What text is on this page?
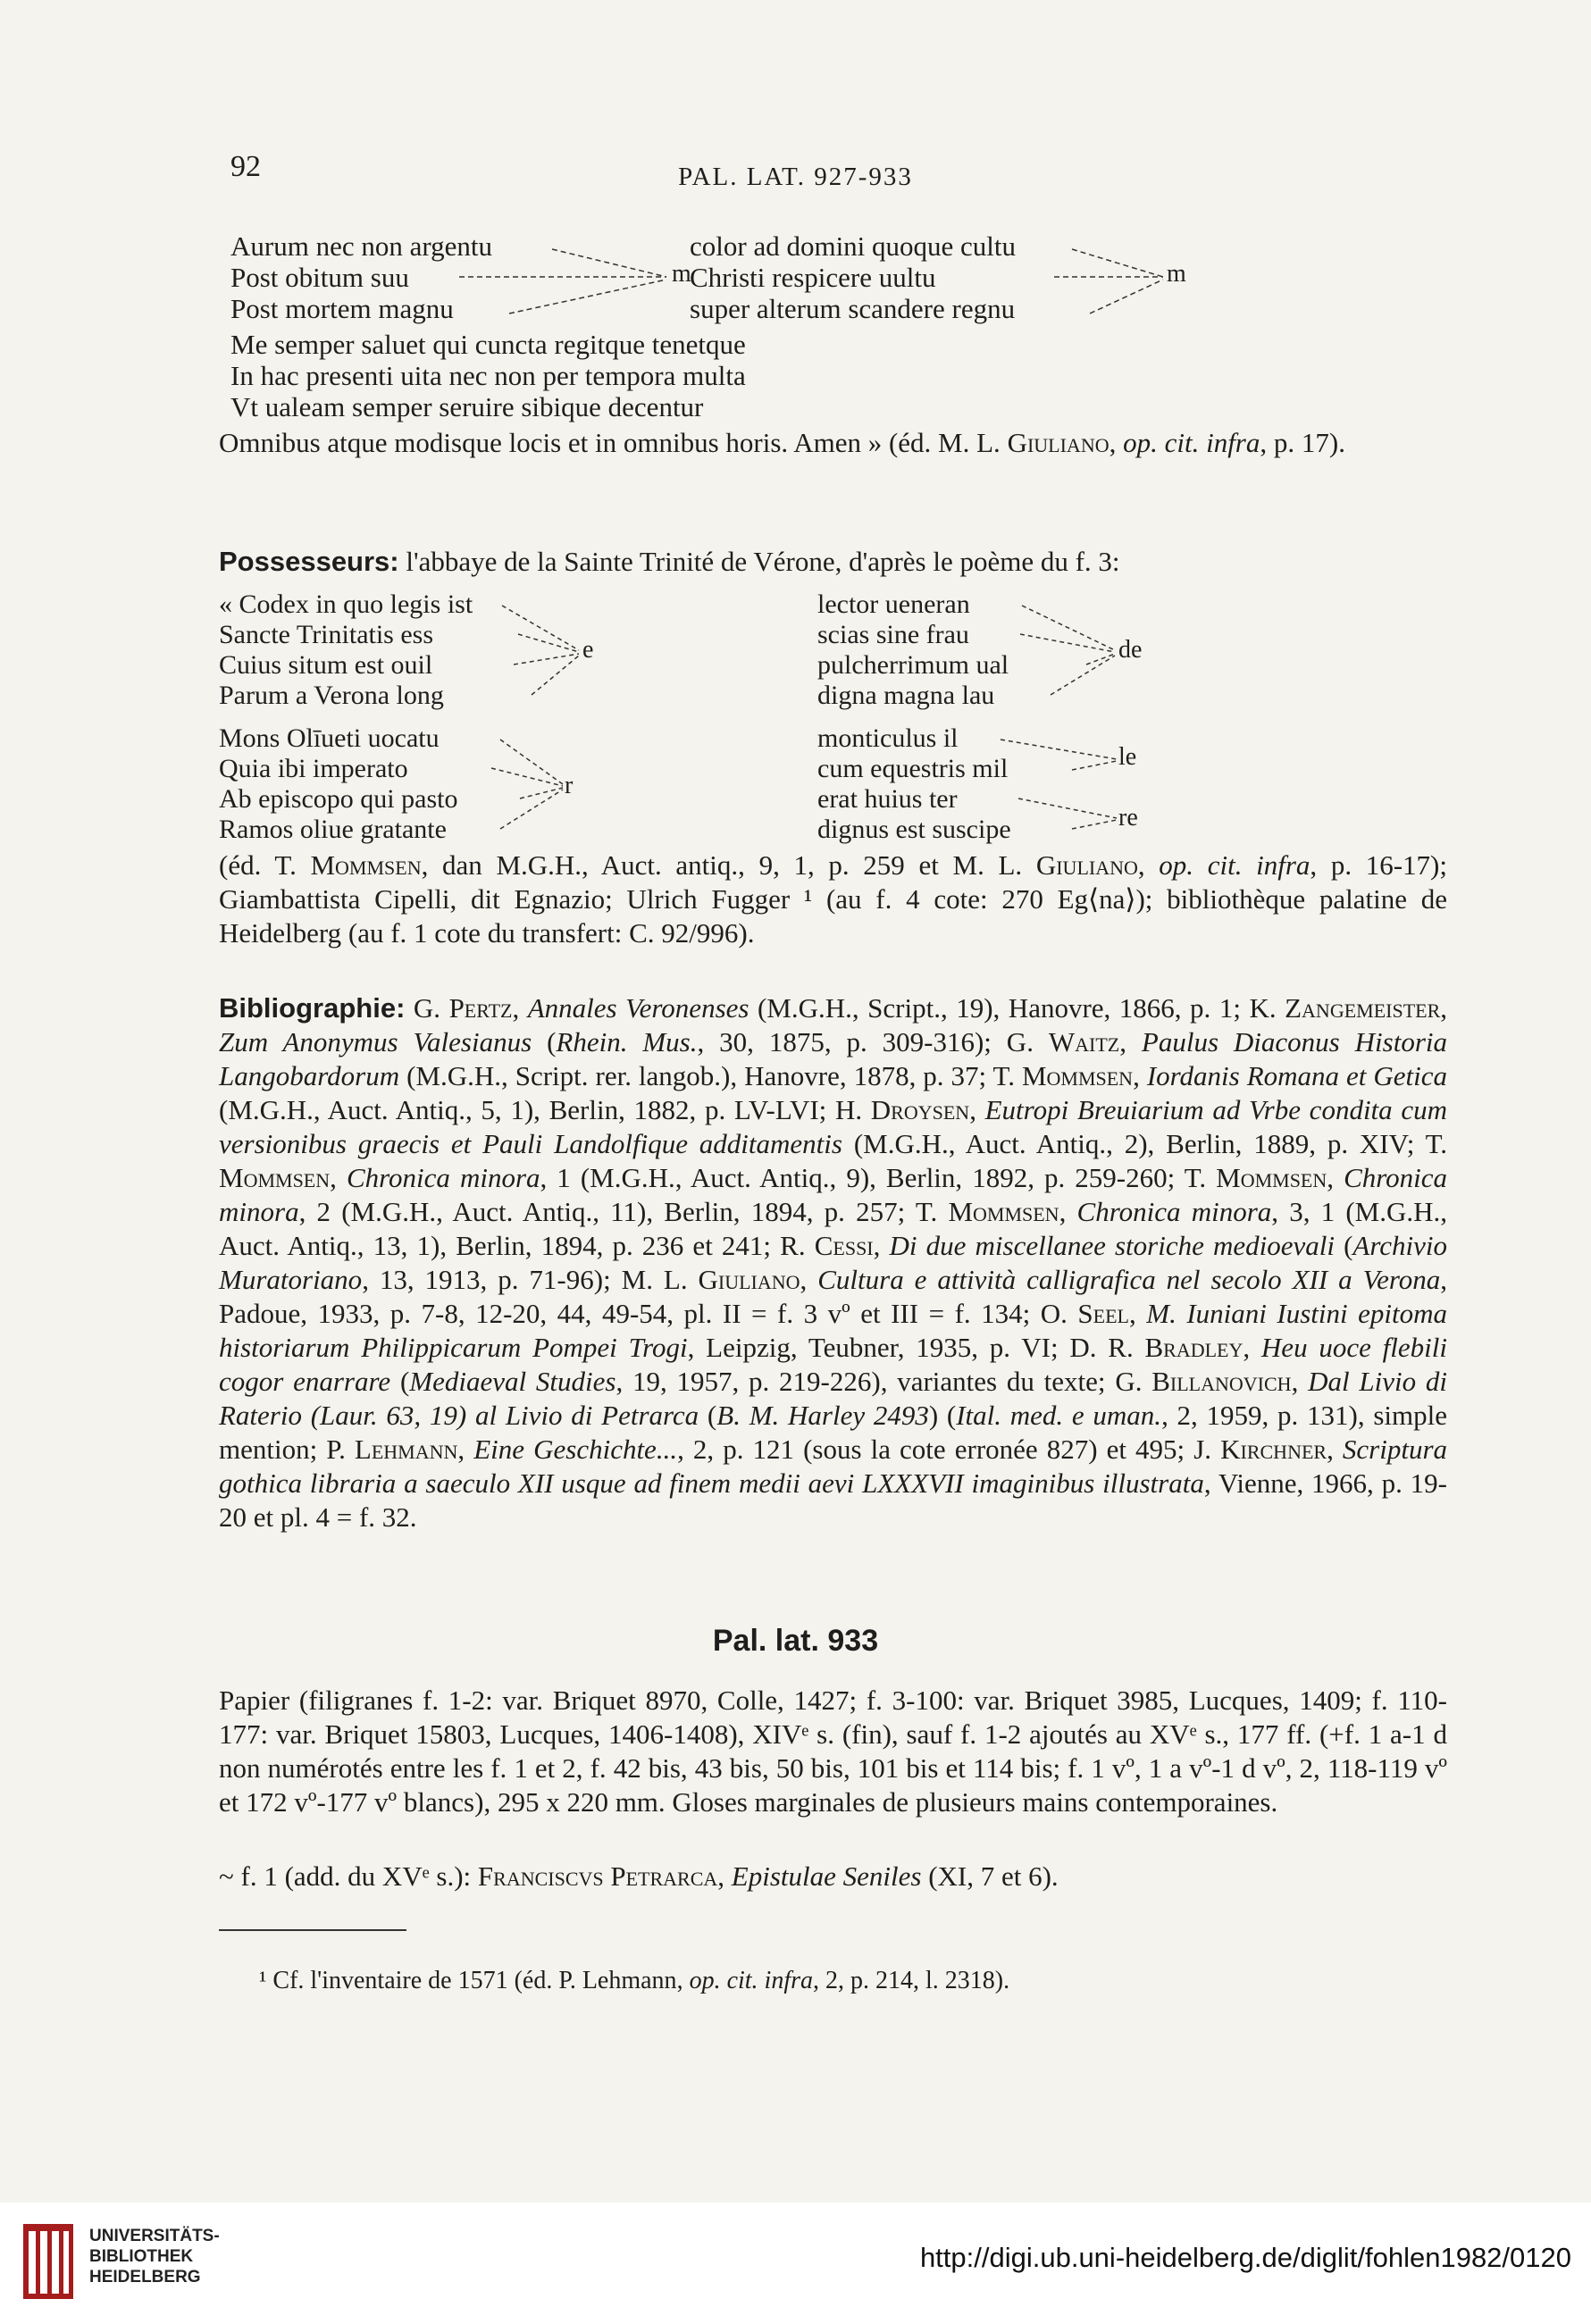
92	PAL. LAT. 927-933
Aurum nec non argentu
Post obitum suu
Post mortem magnu
m
color ad domini quoque cultu
Christi respicere uultu
super alterum scandere regnu
m
Me semper saluet qui cuncta regitque tenetque
In hac presenti uita nec non per tempora multa
Vt ualeam semper seruire sibique decentur
Omnibus atque modisque locis et in omnibus horis. Amen » (éd. M. L. Giuliano, op. cit. infra, p. 17).
Possesseurs: l'abbaye de la Sainte Trinité de Vérone, d'après le poème du f. 3:
« Codex in quo legis ist
Sancte Trinitatis ess
Cuius situm est ouil
Parum a Verona long
e
lector ueneran
scias sine frau
pulcherrimum ual
digna magna lau
de
Mons Olīueti uocatu
Quia ibi imperato
Ab episcopo qui pasto
Ramos oliue gratante
r
monticulus il
cum equestris mil
erat huius ter
dignus est suscipe
le
re
(éd. T. Mommsen, dan M.G.H., Auct. antiq., 9, 1, p. 259 et M. L. Giuliano, op. cit. infra, p. 16-17); Giambattista Cipelli, dit Egnazio; Ulrich Fugger ¹ (au f. 4 cote: 270 Eg⟨na⟩); bibliothèque palatine de Heidelberg (au f. 1 cote du transfert: C. 92/996).
Bibliographie: G. Pertz, Annales Veronenses (M.G.H., Script., 19), Hanovre, 1866, p. 1; K. Zangemeister, Zum Anonymus Valesianus (Rhein. Mus., 30, 1875, p. 309-316); G. Waitz, Paulus Diaconus Historia Langobardorum (M.G.H., Script. rer. langob.), Hanovre, 1878, p. 37; T. Mommsen, Iordanis Romana et Getica (M.G.H., Auct. Antiq., 5, 1), Berlin, 1882, p. LV-LVI; H. Droysen, Eutropi Breuiarium ad Vrbe condita cum versionibus graecis et Pauli Landolfique additamentis (M.G.H., Auct. Antiq., 2), Berlin, 1889, p. XIV; T. Mommsen, Chronica minora, 1 (M.G.H., Auct. Antiq., 9), Berlin, 1892, p. 259-260; T. Mommsen, Chronica minora, 2 (M.G.H., Auct. Antiq., 11), Berlin, 1894, p. 257; T. Mommsen, Chronica minora, 3, 1 (M.G.H., Auct. Antiq., 13, 1), Berlin, 1894, p. 236 et 241; R. Cessi, Di due miscellanee storiche medioevali (Archivio Muratoriano, 13, 1913, p. 71-96); M. L. Giuliano, Cultura e attività calligrafica nel secolo XII a Verona, Padoue, 1933, p. 7-8, 12-20, 44, 49-54, pl. II = f. 3 vº et III = f. 134; O. Seel, M. Iuniani Iustini epitoma historiarum Philippicarum Pompei Trogi, Leipzig, Teubner, 1935, p. VI; D. R. Bradley, Heu uoce flebili cogor enarrare (Mediaeval Studies, 19, 1957, p. 219-226), variantes du texte; G. Billanovich, Dal Livio di Raterio (Laur. 63, 19) al Livio di Petrarca (B. M. Harley 2493) (Ital. med. e uman., 2, 1959, p. 131), simple mention; P. Lehmann, Eine Geschichte..., 2, p. 121 (sous la cote erronée 827) et 495; J. Kirchner, Scriptura gothica libraria a saeculo XII usque ad finem medii aevi LXXXVII imaginibus illustrata, Vienne, 1966, p. 19-20 et pl. 4 = f. 32.
Pal. lat. 933
Papier (filigranes f. 1-2: var. Briquet 8970, Colle, 1427; f. 3-100: var. Briquet 3985, Lucques, 1409; f. 110-177: var. Briquet 15803, Lucques, 1406-1408), XIVᵉ s. (fin), sauf f. 1-2 ajoutés au XVᵉ s., 177 ff. (+f. 1 a-1 d non numérotés entre les f. 1 et 2, f. 42 bis, 43 bis, 50 bis, 101 bis et 114 bis; f. 1 vº, 1 a vº-1 d vº, 2, 118-119 vº et 172 vº-177 vº blancs), 295 x 220 mm. Gloses marginales de plusieurs mains contemporaines.
~ f. 1 (add. du XVᵉ s.): Franciscvs Petrarca, Epistulae Seniles (XI, 7 et 6).
¹ Cf. l'inventaire de 1571 (éd. P. Lehmann, op. cit. infra, 2, p. 214, l. 2318).
UNIVERSITÄTS-
BIBLIOTHEK
HEIDELBERG
http://digi.ub.uni-heidelberg.de/diglit/fohlen1982/0120
